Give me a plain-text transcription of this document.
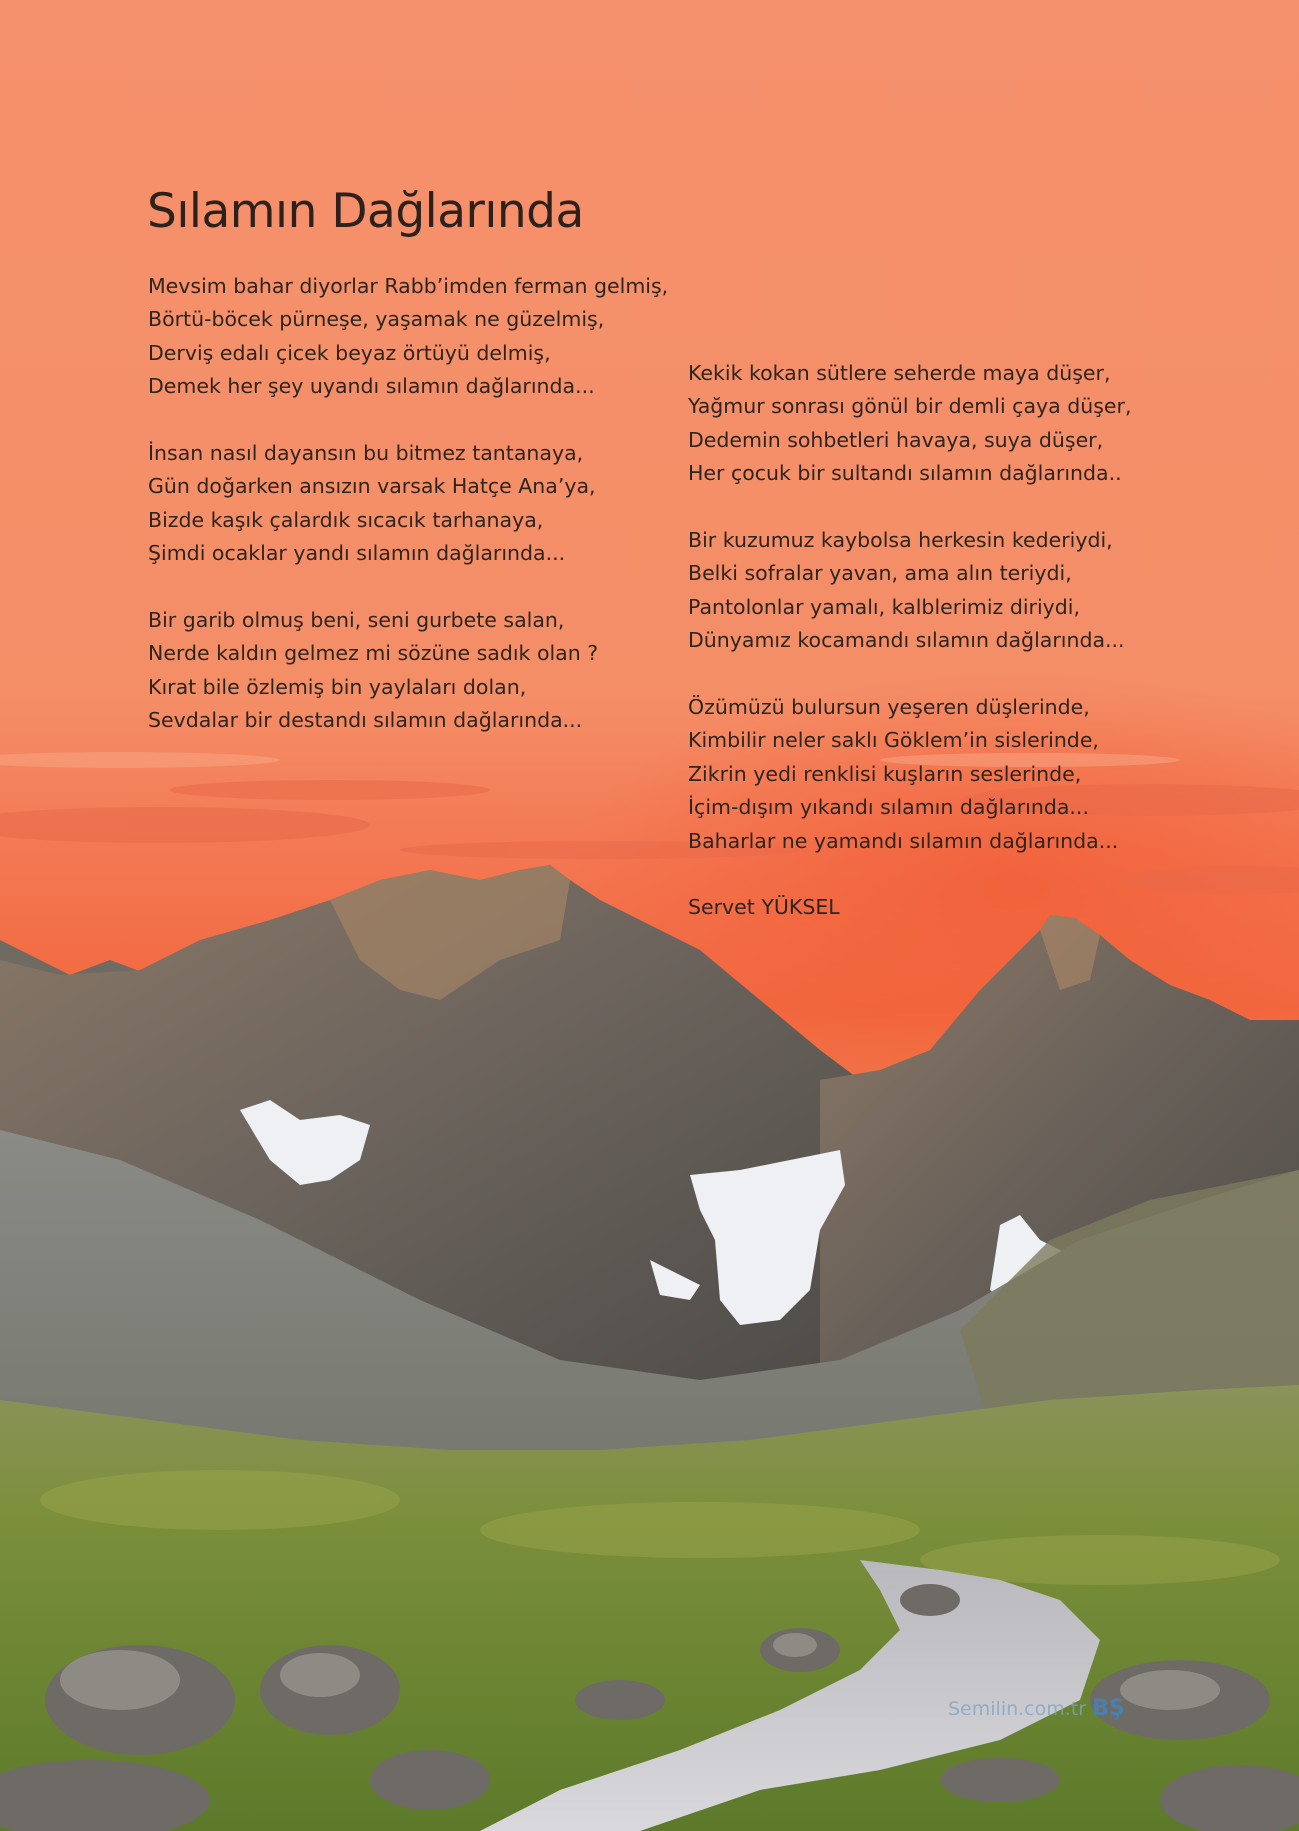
Sılamın Dağlarında
Mevsim bahar diyorlar Rabb’imden ferman gelmiş,
Börtü-böcek pürneşe, yaşamak ne güzelmiş,
Derviş edalı çicek beyaz örtüyü delmiş,
Demek her şey uyandı sılamın dağlarında...
İnsan nasıl dayansın bu bitmez tantanaya,
Gün doğarken ansızın varsak Hatçe Ana’ya,
Bizde kaşık çalardık sıcacık tarhanaya,
Şimdi ocaklar yandı sılamın dağlarında...
Bir garib olmuş beni, seni gurbete salan,
Nerde kaldın gelmez mi sözüne sadık olan ?
Kırat bile özlemiş bin yaylaları dolan,
Sevdalar bir destandı sılamın dağlarında...
Kekik kokan sütlere seherde maya düşer,
Yağmur sonrası gönül bir demli çaya düşer,
Dedemin sohbetleri havaya, suya düşer,
Her çocuk bir sultandı sılamın dağlarında..
Bir kuzumuz kaybolsa herkesin kederiydi,
Belki sofralar yavan, ama alın teriydi,
Pantolonlar yamalı, kalblerimiz diriydi,
Dünyamız kocamandı sılamın dağlarında...
Özümüzü bulursun yeşeren düşlerinde,
Kimbilir neler saklı Göklem’in sislerinde,
Zikrin yedi renklisi kuşların seslerinde,
İçim-dışım yıkandı sılamın dağlarında...
Baharlar ne yamandı sılamın dağlarında...
Servet YÜKSEL
Semilin.com.tr BŞ
